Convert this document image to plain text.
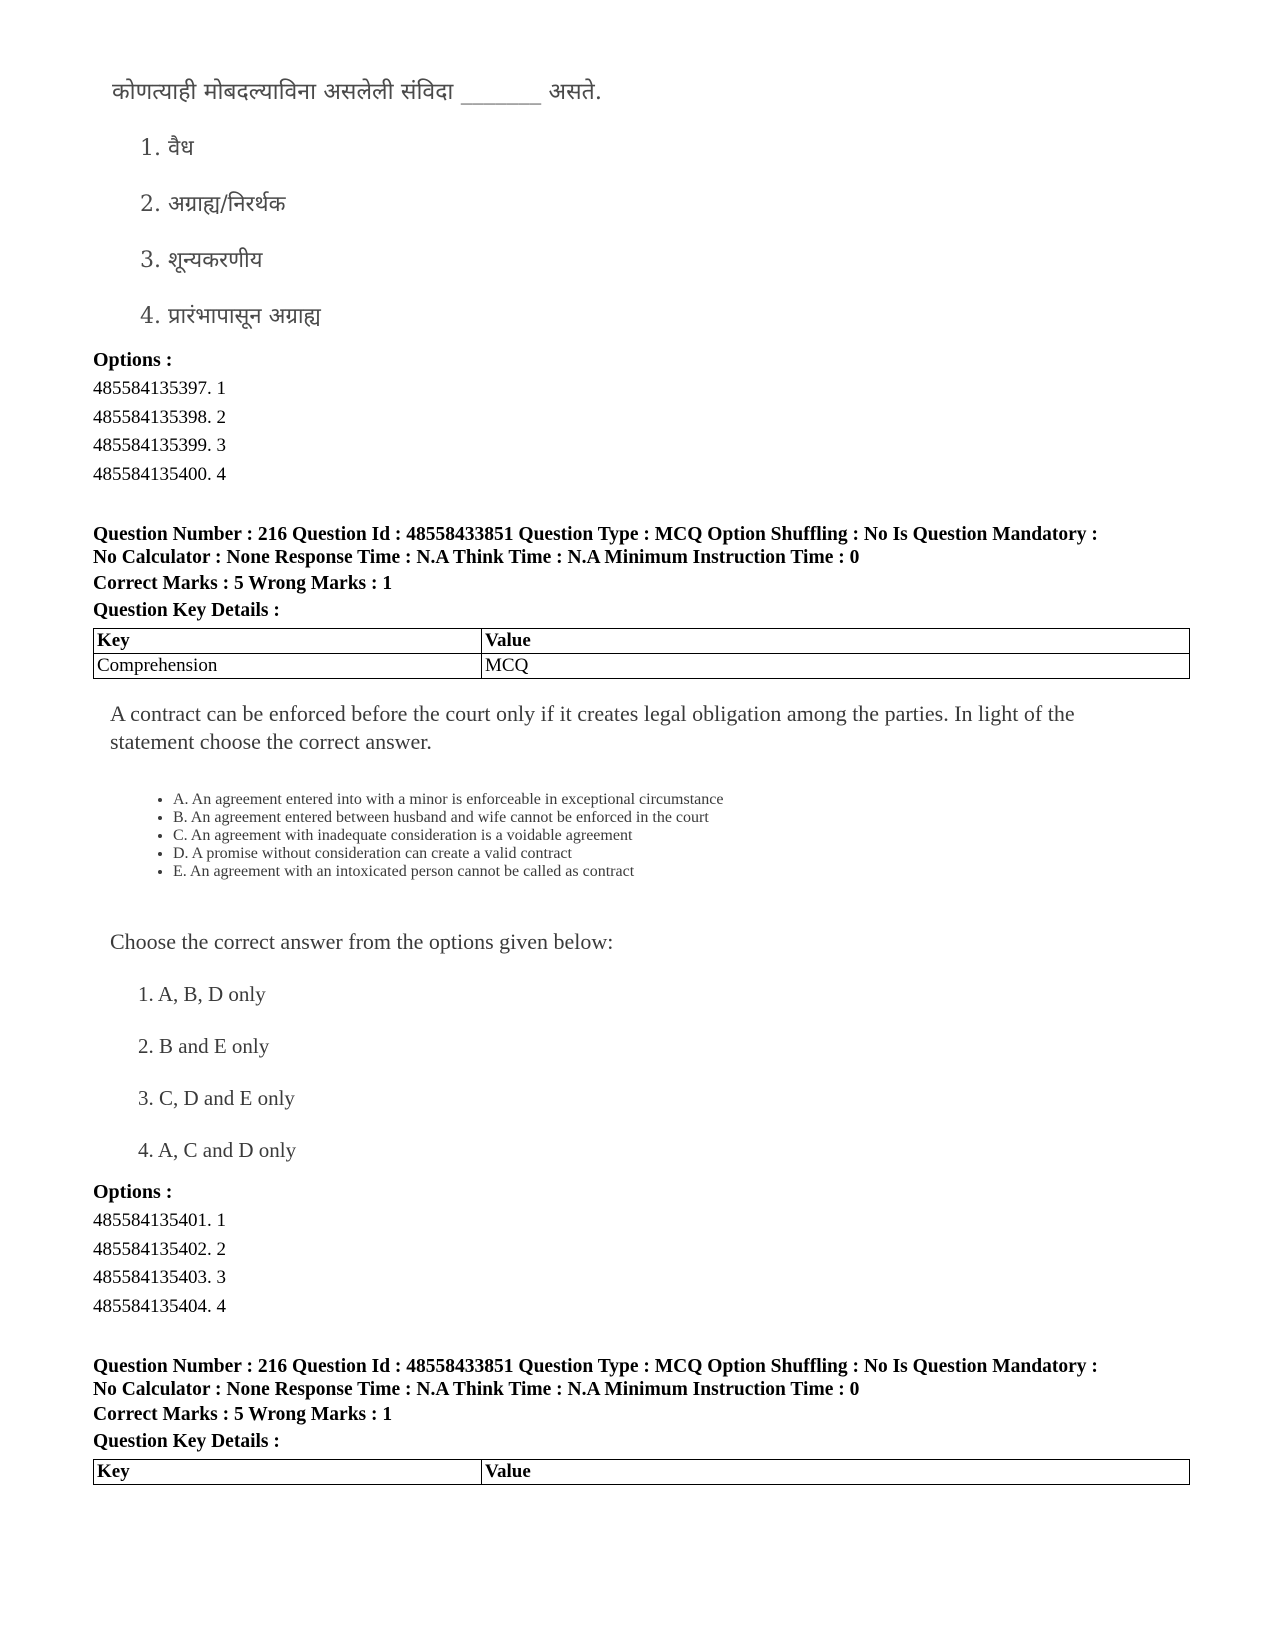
कोणत्याही मोबदल्याविना असलेली संविदा _______ असते.
1. वैध
2. अग्राह्य/निरर्थक
3. शून्यकरणीय
4. प्रारंभापासून अग्राह्य
Options :
485584135397. 1
485584135398. 2
485584135399. 3
485584135400. 4
Question Number : 216 Question Id : 48558433851 Question Type : MCQ Option Shuffling : No Is Question Mandatory :
No Calculator : None Response Time : N.A Think Time : N.A Minimum Instruction Time : 0
Correct Marks : 5 Wrong Marks : 1
Question Key Details :
Key	Value
Comprehension	MCQ
A contract can be enforced before the court only if it creates legal obligation among the parties. In light of the
statement choose the correct answer.
• A. An agreement entered into with a minor is enforceable in exceptional circumstance
• B. An agreement entered between husband and wife cannot be enforced in the court
• C. An agreement with inadequate consideration is a voidable agreement
• D. A promise without consideration can create a valid contract
• E. An agreement with an intoxicated person cannot be called as contract
Choose the correct answer from the options given below:
1. A, B, D only
2. B and E only
3. C, D and E only
4. A, C and D only
Options :
485584135401. 1
485584135402. 2
485584135403. 3
485584135404. 4
Question Number : 216 Question Id : 48558433851 Question Type : MCQ Option Shuffling : No Is Question Mandatory :
No Calculator : None Response Time : N.A Think Time : N.A Minimum Instruction Time : 0
Correct Marks : 5 Wrong Marks : 1
Question Key Details :
Key	Value
